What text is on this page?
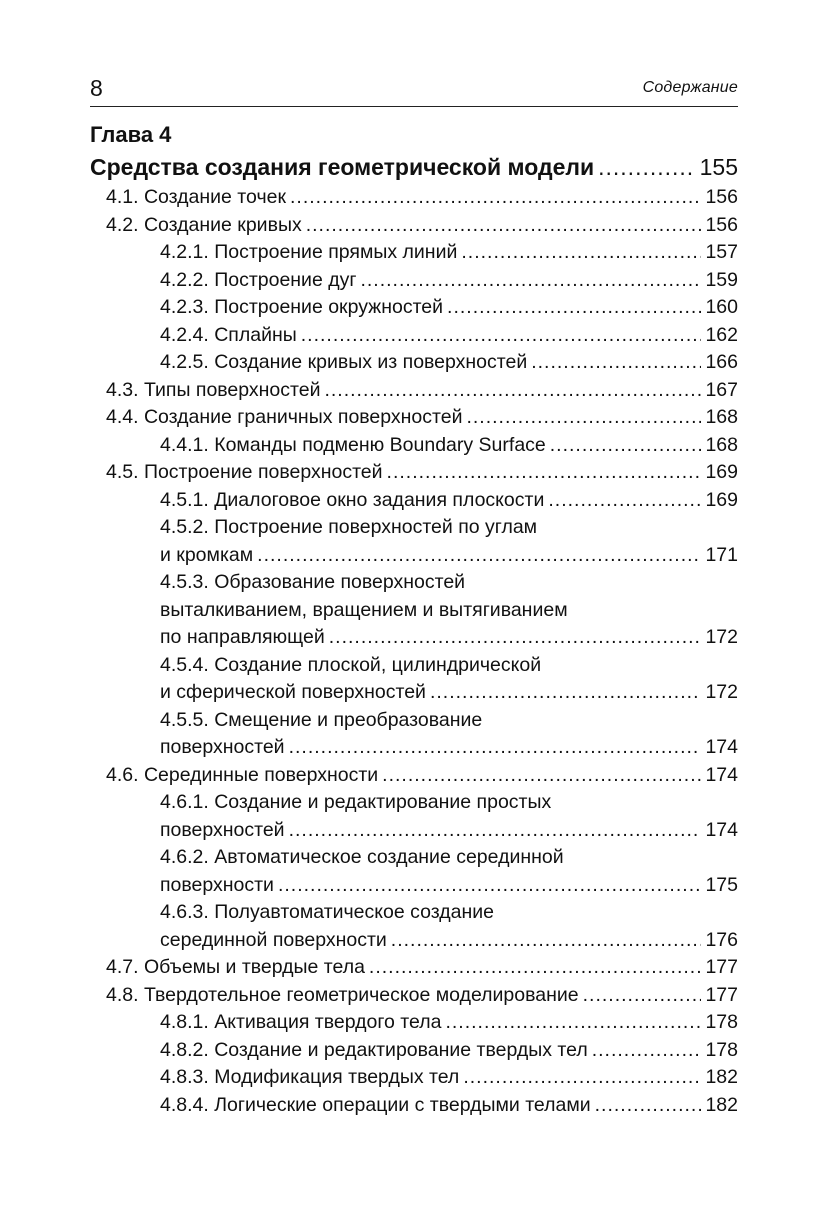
8	Содержание
Глава 4
Средства создания геометрической модели .....	155
4.1. Создание точек .....	156
4.2. Создание кривых .....	156
4.2.1. Построение прямых линий .....	157
4.2.2. Построение дуг .....	159
4.2.3. Построение окружностей .....	160
4.2.4. Сплайны .....	162
4.2.5. Создание кривых из поверхностей .....	166
4.3. Типы поверхностей .....	167
4.4. Создание граничных поверхностей .....	168
4.4.1. Команды подменю Boundary Surface .....	168
4.5. Построение поверхностей .....	169
4.5.1. Диалоговое окно задания плоскости .....	169
4.5.2. Построение поверхностей по углам
и кромкам .....	171
4.5.3. Образование поверхностей
выталкиванием, вращением и вытягиванием
по направляющей .....	172
4.5.4. Создание плоской, цилиндрической
и сферической поверхностей .....	172
4.5.5. Смещение и преобразование
поверхностей .....	174
4.6. Серединные поверхности .....	174
4.6.1. Создание и редактирование простых
поверхностей .....	174
4.6.2. Автоматическое создание серединной
поверхности .....	175
4.6.3. Полуавтоматическое создание
серединной поверхности .....	176
4.7. Объемы и твердые тела .....	177
4.8. Твердотельное геометрическое моделирование .....	177
4.8.1. Активация твердого тела .....	178
4.8.2. Создание и редактирование твердых тел .....	178
4.8.3. Модификация твердых тел .....	182
4.8.4. Логические операции с твердыми телами .....	182
